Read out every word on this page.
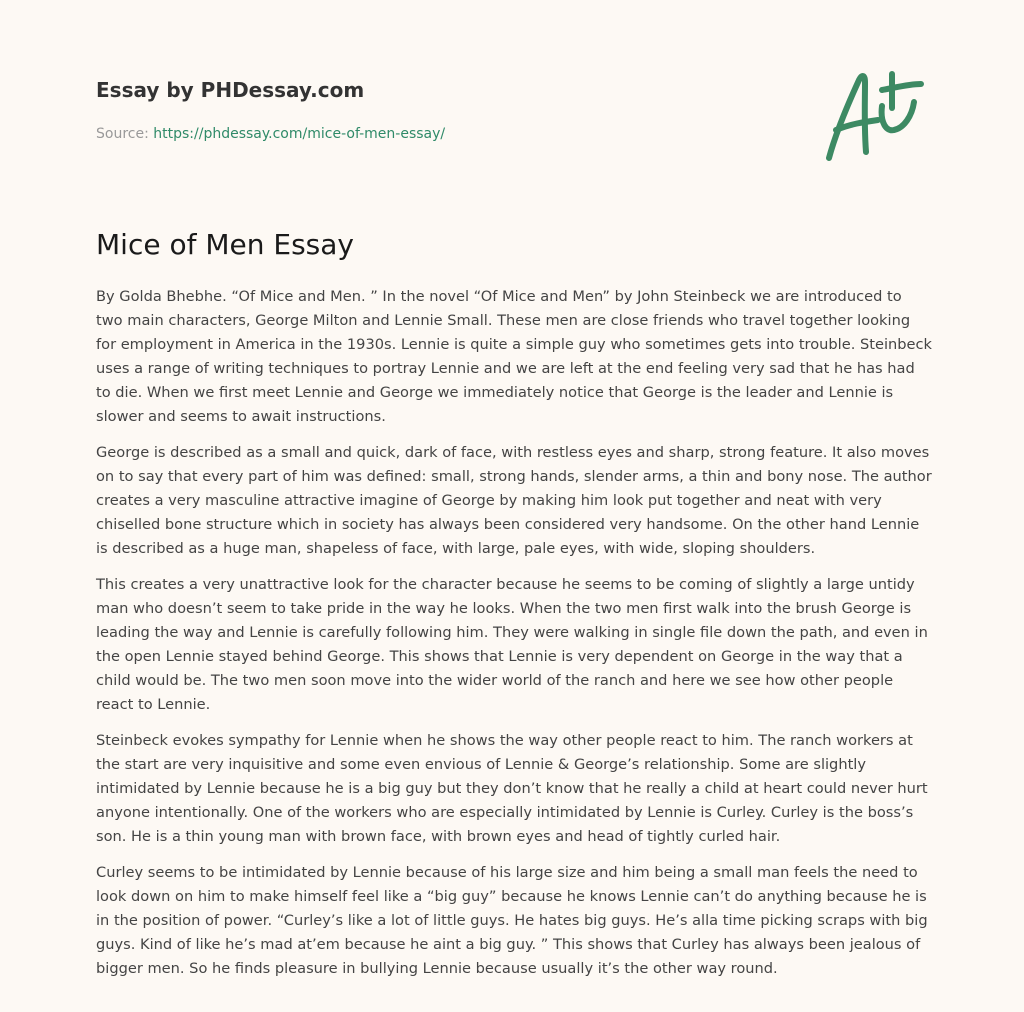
Essay by PHDessay.com
Source: https://phdessay.com/mice-of-men-essay/
Mice of Men Essay

By Golda Bhebhe. “Of Mice and Men. ” In the novel “Of Mice and Men” by John Steinbeck we are introduced to two main characters, George Milton and Lennie Small. These men are close friends who travel together looking for employment in America in the 1930s. Lennie is quite a simple guy who sometimes gets into trouble. Steinbeck uses a range of writing techniques to portray Lennie and we are left at the end feeling very sad that he has had to die. When we first meet Lennie and George we immediately notice that George is the leader and Lennie is slower and seems to await instructions.

George is described as a small and quick, dark of face, with restless eyes and sharp, strong feature. It also moves on to say that every part of him was defined: small, strong hands, slender arms, a thin and bony nose. The author creates a very masculine attractive imagine of George by making him look put together and neat with very chiselled bone structure which in society has always been considered very handsome. On the other hand Lennie is described as a huge man, shapeless of face, with large, pale eyes, with wide, sloping shoulders.

This creates a very unattractive look for the character because he seems to be coming of slightly a large untidy man who doesn’t seem to take pride in the way he looks. When the two men first walk into the brush George is leading the way and Lennie is carefully following him. They were walking in single file down the path, and even in the open Lennie stayed behind George. This shows that Lennie is very dependent on George in the way that a child would be. The two men soon move into the wider world of the ranch and here we see how other people react to Lennie.

Steinbeck evokes sympathy for Lennie when he shows the way other people react to him. The ranch workers at the start are very inquisitive and some even envious of Lennie & George’s relationship. Some are slightly intimidated by Lennie because he is a big guy but they don’t know that he really a child at heart could never hurt anyone intentionally. One of the workers who are especially intimidated by Lennie is Curley. Curley is the boss’s son. He is a thin young man with brown face, with brown eyes and head of tightly curled hair.

Curley seems to be intimidated by Lennie because of his large size and him being a small man feels the need to look down on him to make himself feel like a “big guy” because he knows Lennie can’t do anything because he is in the position of power. “Curley’s like a lot of little guys. He hates big guys. He’s alla time picking scraps with big guys. Kind of like he’s mad at’em because he aint a big guy. ” This shows that Curley has always been jealous of bigger men. So he finds pleasure in bullying Lennie because usually it’s the other way round.
